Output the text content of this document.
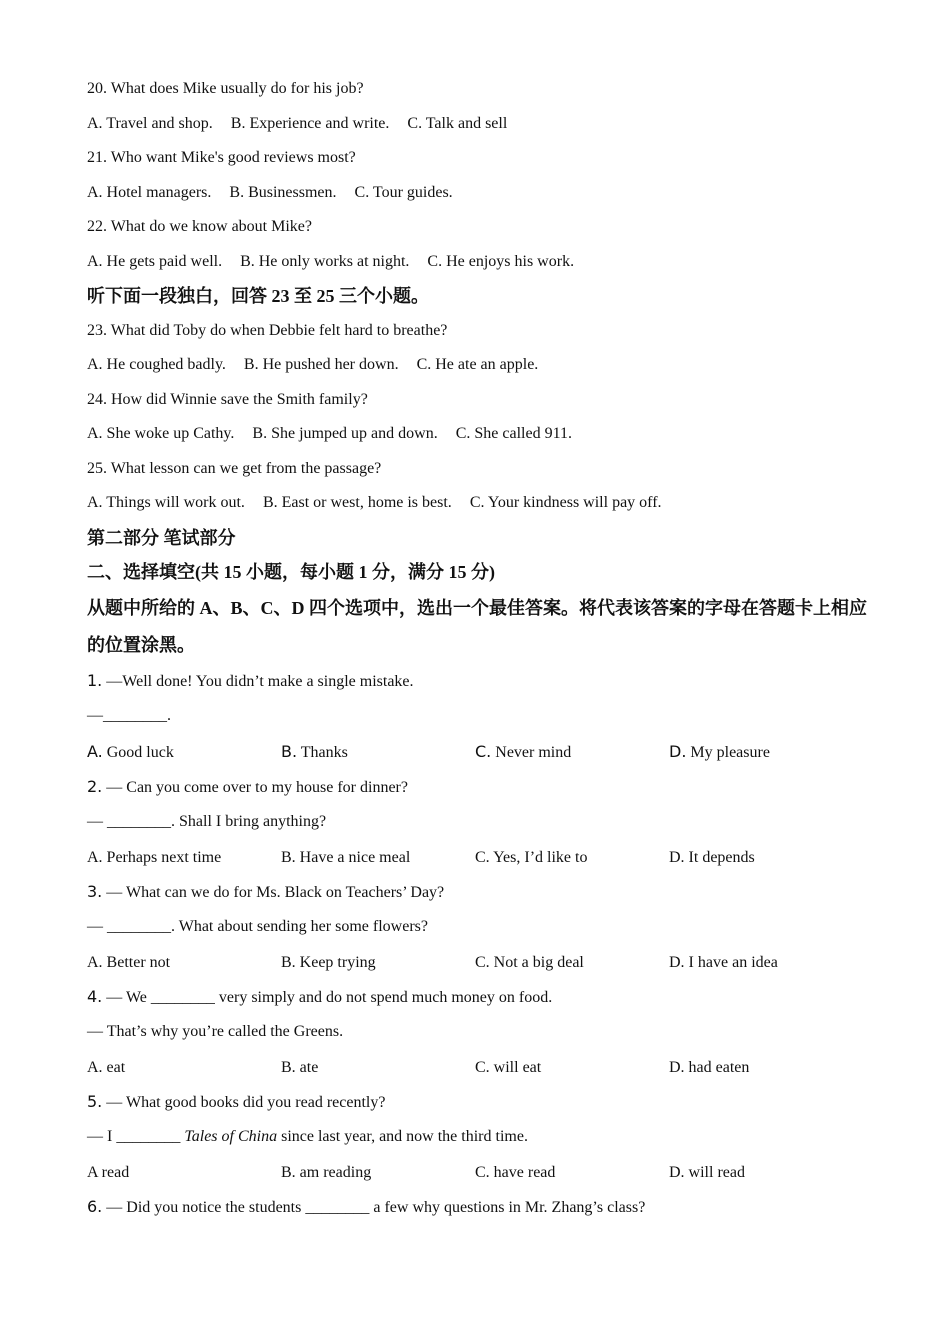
20. What does Mike usually do for his job?
A. Travel and shop. B. Experience and write. C. Talk and sell
21. Who want Mike's good reviews most?
A. Hotel managers. B. Businessmen. C. Tour guides.
22. What do we know about Mike?
A. He gets paid well. B. He only works at night. C. He enjoys his work.
听下面一段独白，回答 23 至 25 三个小题。
23. What did Toby do when Debbie felt hard to breathe?
A. He coughed badly. B. He pushed her down. C. He ate an apple.
24. How did Winnie save the Smith family?
A. She woke up Cathy. B. She jumped up and down. C. She called 911.
25. What lesson can we get from the passage?
A. Things will work out. B. East or west, home is best. C. Your kindness will pay off.
第二部分 笔试部分
二、选择填空(共 15 小题，每小题 1 分，满分 15 分)
从题中所给的 A、B、C、D 四个选项中，选出一个最佳答案。将代表该答案的字母在答题卡上相应的位置涂黑。
1. —Well done! You didn’t make a single mistake.
—________.
A. Good luck	B. Thanks	C. Never mind	D. My pleasure
2. — Can you come over to my house for dinner?
— ________. Shall I bring anything?
A. Perhaps next time	B. Have a nice meal	C. Yes, I’d like to	D. It depends
3. — What can we do for Ms. Black on Teachers’ Day?
— ________. What about sending her some flowers?
A. Better not	B. Keep trying	C. Not a big deal	D. I have an idea
4. — We ________ very simply and do not spend much money on food.
— That’s why you’re called the Greens.
A. eat	B. ate	C. will eat	D. had eaten
5. — What good books did you read recently?
— I ________ Tales of China since last year, and now the third time.
A read	B. am reading	C. have read	D. will read
6. — Did you notice the students ________ a few why questions in Mr. Zhang’s class?
